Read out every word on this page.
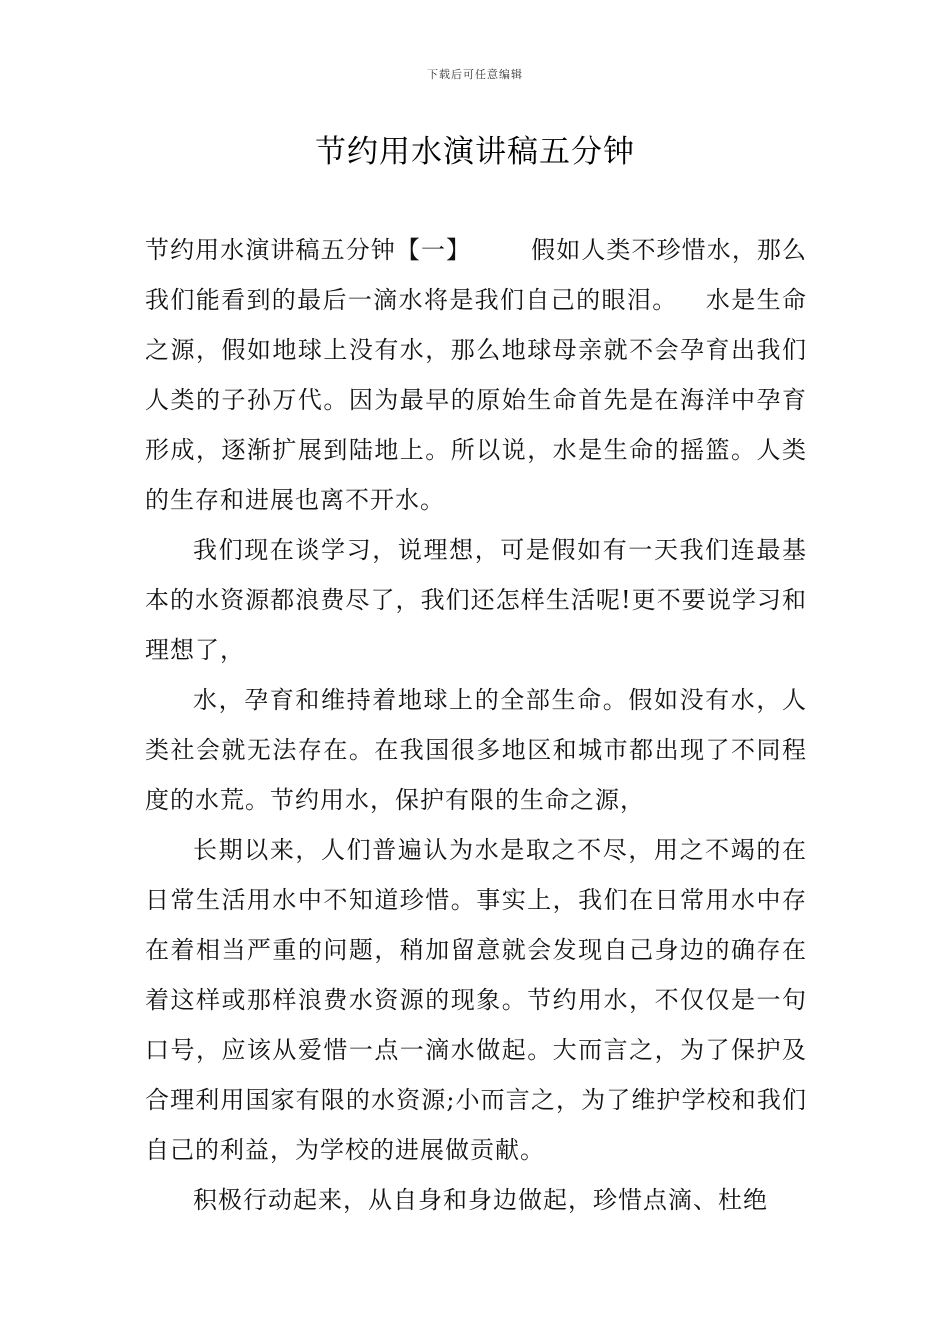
下载后可任意编辑
节约用水演讲稿五分钟

节约用水演讲稿五分钟【一】	假如人类不珍惜水，那么我们能看到的最后一滴水将是我们自己的眼泪。 水是生命之源，假如地球上没有水，那么地球母亲就不会孕育出我们人类的子孙万代。因为最早的原始生命首先是在海洋中孕育形成，逐渐扩展到陆地上。所以说，水是生命的摇篮。人类的生存和进展也离不开水。

我们现在谈学习，说理想，可是假如有一天我们连最基本的水资源都浪费尽了，我们还怎样生活呢!更不要说学习和理想了，

水，孕育和维持着地球上的全部生命。假如没有水，人类社会就无法存在。在我国很多地区和城市都出现了不同程度的水荒。节约用水，保护有限的生命之源，

长期以来，人们普遍认为水是取之不尽，用之不竭的在日常生活用水中不知道珍惜。事实上，我们在日常用水中存在着相当严重的问题，稍加留意就会发现自己身边的确存在着这样或那样浪费水资源的现象。节约用水，不仅仅是一句口号，应该从爱惜一点一滴水做起。大而言之，为了保护及合理利用国家有限的水资源;小而言之，为了维护学校和我们自己的利益，为学校的进展做贡献。

积极行动起来，从自身和身边做起，珍惜点滴、杜绝
